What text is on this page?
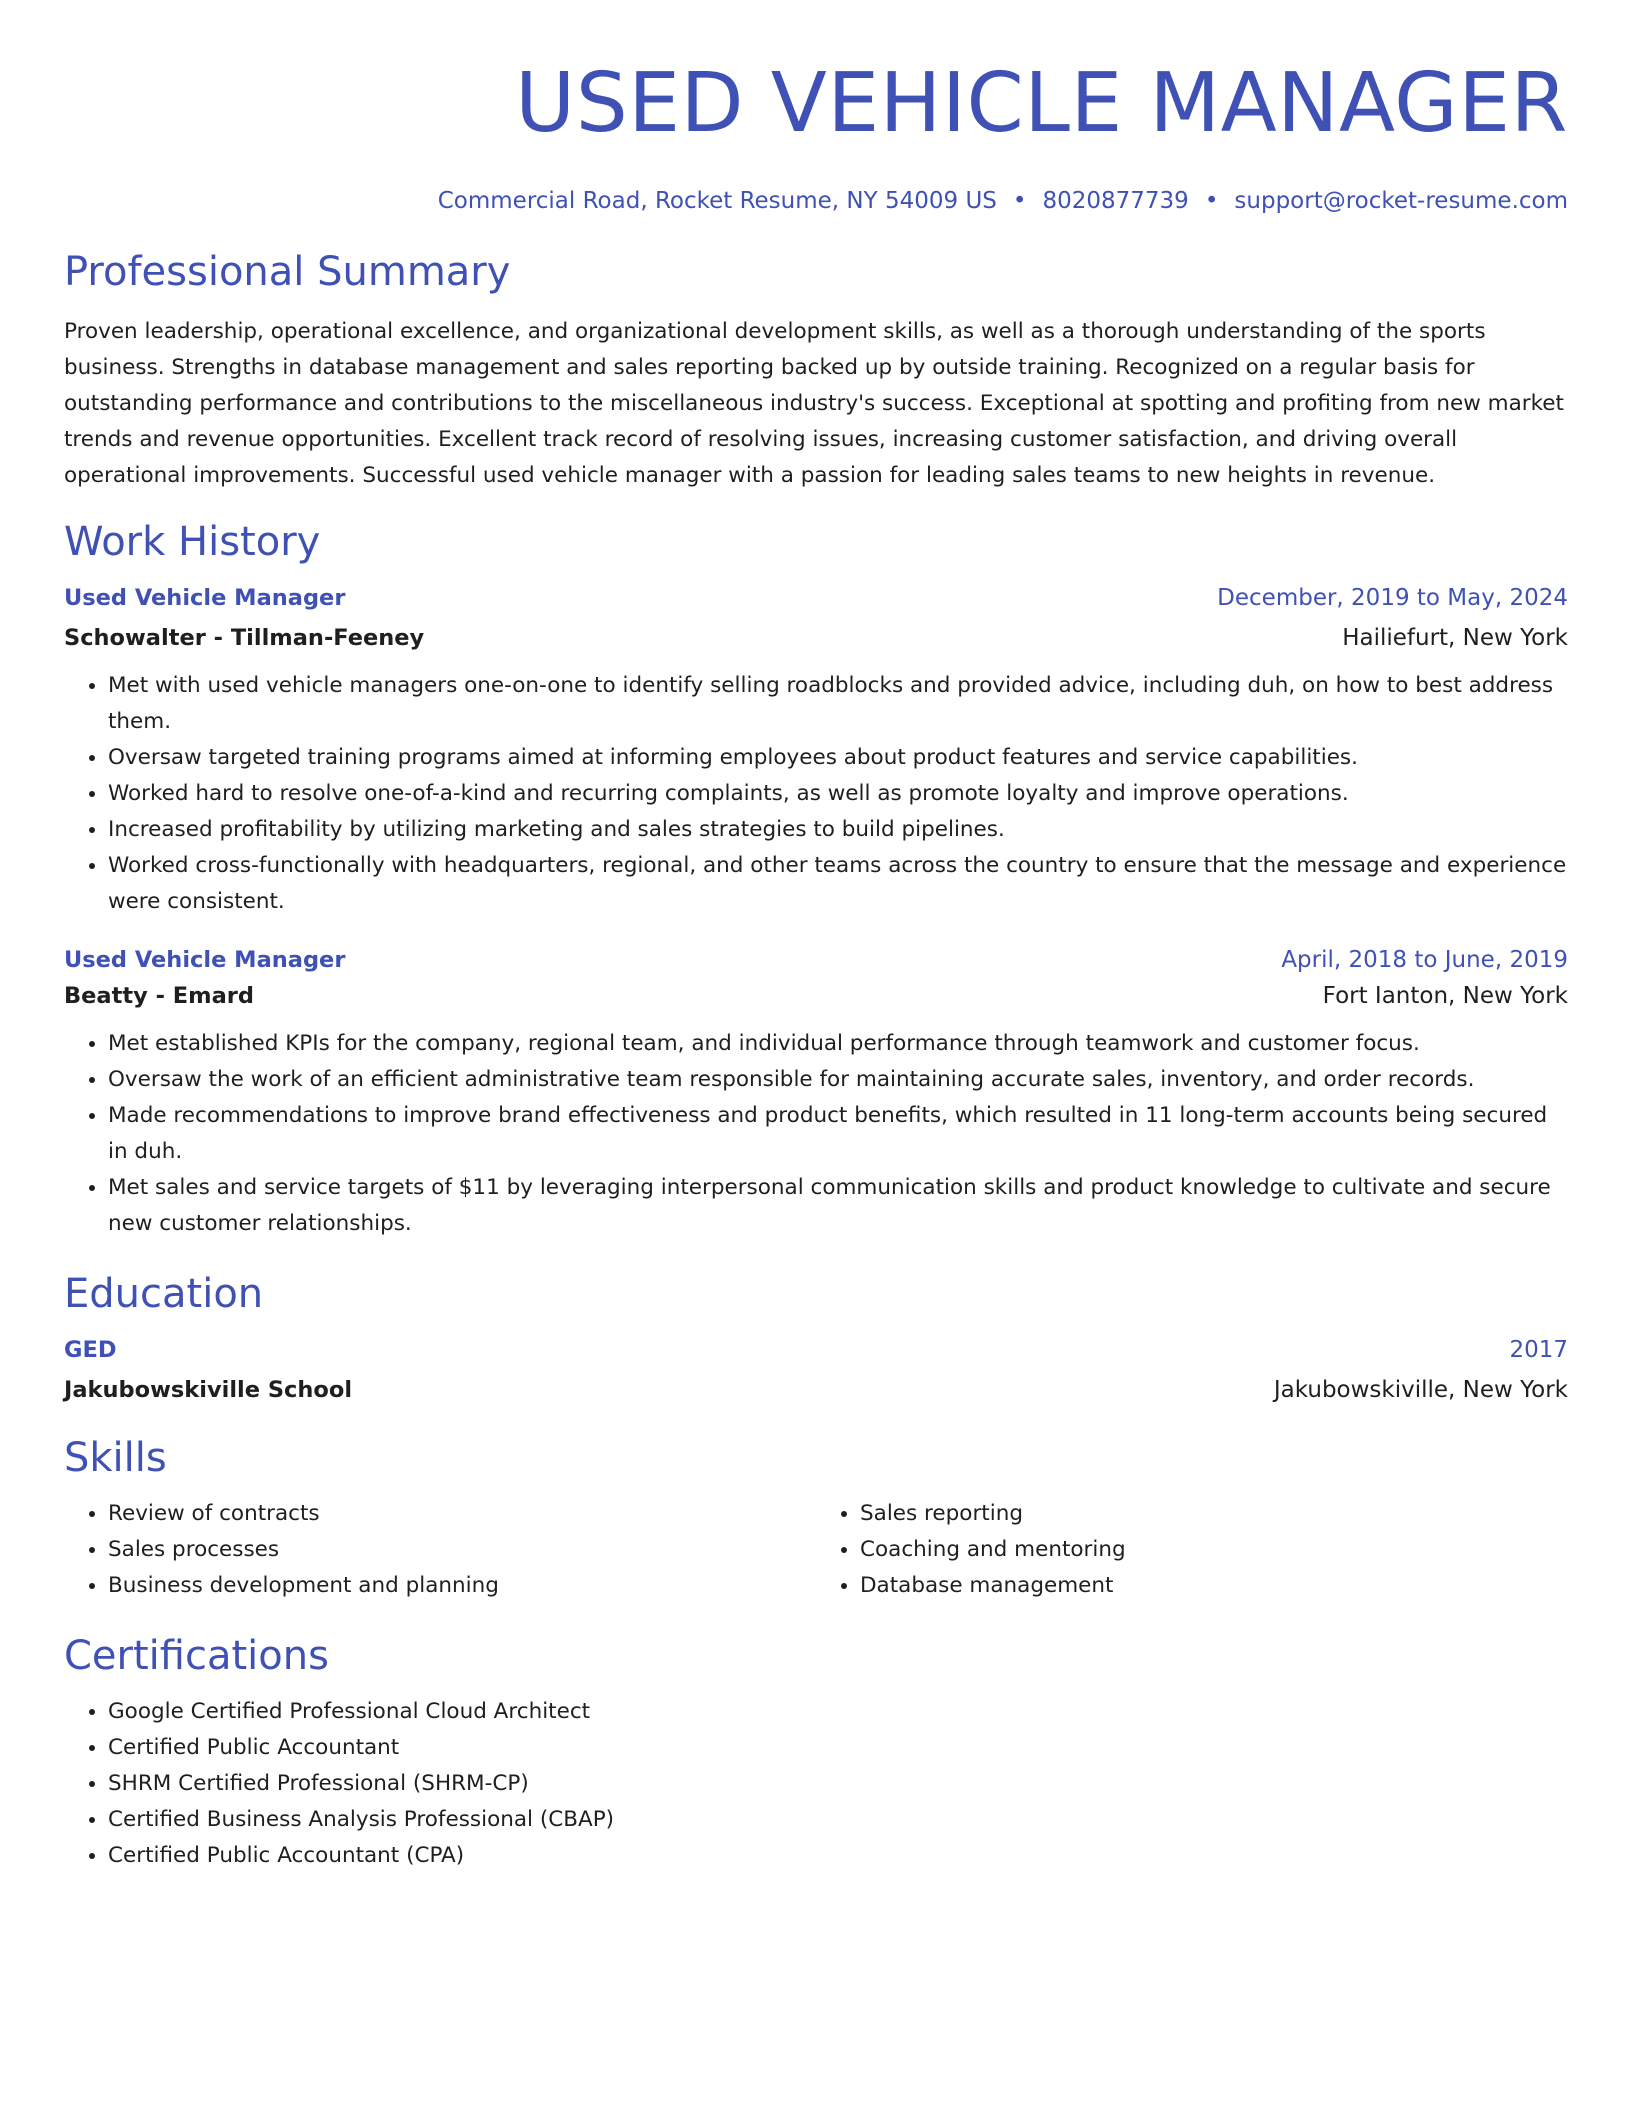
USED VEHICLE MANAGER
Commercial Road, Rocket Resume, NY 54009 US • 8020877739 • support@rocket-resume.com
Professional Summary
Proven leadership, operational excellence, and organizational development skills, as well as a thorough understanding of the sports business. Strengths in database management and sales reporting backed up by outside training. Recognized on a regular basis for outstanding performance and contributions to the miscellaneous industry's success. Exceptional at spotting and profiting from new market trends and revenue opportunities. Excellent track record of resolving issues, increasing customer satisfaction, and driving overall operational improvements. Successful used vehicle manager with a passion for leading sales teams to new heights in revenue.
Work History
Used Vehicle Manager	December, 2019 to May, 2024
Schowalter - Tillman-Feeney	Hailiefurt, New York
• Met with used vehicle managers one-on-one to identify selling roadblocks and provided advice, including duh, on how to best address them.
• Oversaw targeted training programs aimed at informing employees about product features and service capabilities.
• Worked hard to resolve one-of-a-kind and recurring complaints, as well as promote loyalty and improve operations.
• Increased profitability by utilizing marketing and sales strategies to build pipelines.
• Worked cross-functionally with headquarters, regional, and other teams across the country to ensure that the message and experience were consistent.
Used Vehicle Manager	April, 2018 to June, 2019
Beatty - Emard	Fort Ianton, New York
• Met established KPIs for the company, regional team, and individual performance through teamwork and customer focus.
• Oversaw the work of an efficient administrative team responsible for maintaining accurate sales, inventory, and order records.
• Made recommendations to improve brand effectiveness and product benefits, which resulted in 11 long-term accounts being secured in duh.
• Met sales and service targets of $11 by leveraging interpersonal communication skills and product knowledge to cultivate and secure new customer relationships.
Education
GED	2017
Jakubowskiville School	Jakubowskiville, New York
Skills
• Review of contracts
• Sales processes
• Business development and planning
• Sales reporting
• Coaching and mentoring
• Database management
Certifications
• Google Certified Professional Cloud Architect
• Certified Public Accountant
• SHRM Certified Professional (SHRM-CP)
• Certified Business Analysis Professional (CBAP)
• Certified Public Accountant (CPA)
